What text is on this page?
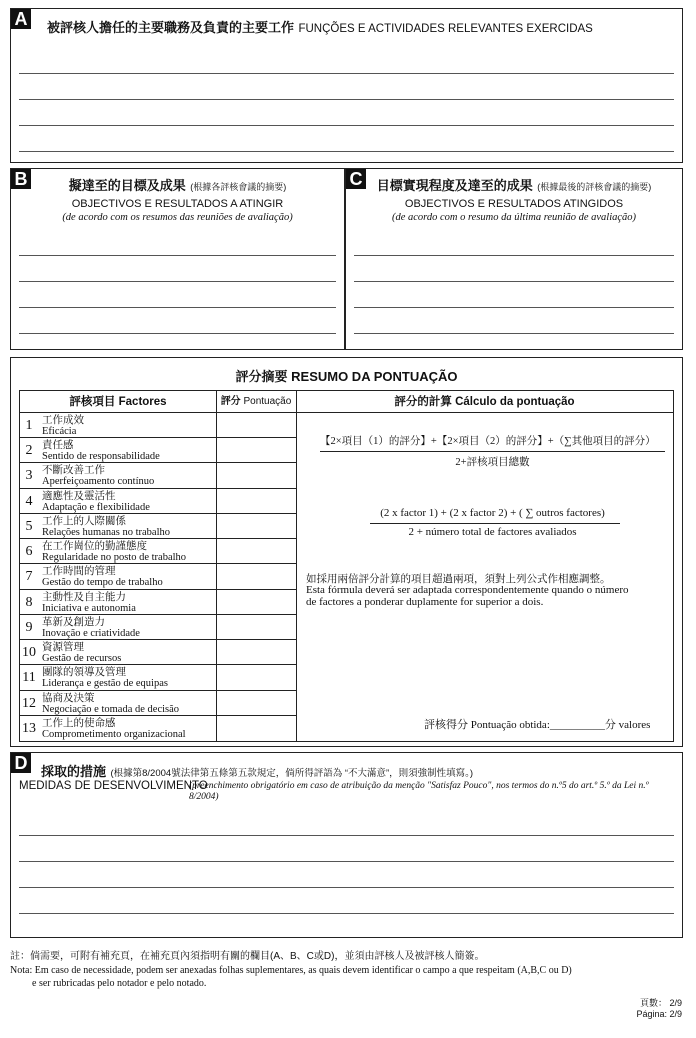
A 被評核人擔任的主要職務及負責的主要工作 FUNÇÕES E ACTIVIDADES RELEVANTES EXERCIDAS
B	擬達至的目標及成果 (根據各評核會議的摘要)
OBJECTIVOS E RESULTADOS A ATINGIR
(de acordo com os resumos das reuniões de avaliação)
C	目標實現程度及達至的成果 (根據最後的評核會議的摘要)
OBJECTIVOS E RESULTADOS ATINGIDOS
(de acordo com o resumo da última reunião de avaliação)
評分摘要 RESUMO DA PONTUAÇÃO
評核項目 Factores	評分 Pontuação	評分的計算 Cálculo da pontuação
1 工作成效
Eficácia
2 責任感
Sentido de responsabilidade
3 不斷改善工作
Aperfeiçoamento contínuo
4 適應性及靈活性
Adaptação e flexibilidade
5 工作上的人際關係
Relações humanas no trabalho
6 在工作崗位的勤謹態度
Regularidade no posto de trabalho
7 工作時間的管理
Gestão do tempo de trabalho
8 主動性及自主能力
Iniciativa e autonomia
9 革新及創造力
Inovação e criatividade
10 資源管理
Gestão de recursos
11 團隊的領導及管理
Liderança e gestão de equipas
12 協商及決策
Negociação e tomada de decisão
13 工作上的使命感
Comprometimento organizacional
【2×項目（1）的評分】+【2×項目（2）的評分】+（∑其他項目的評分）
2+評核項目總數
(2 x factor 1) + (2 x factor 2) + ( ∑ outros factores)
2 + número total de factores avaliados
如採用兩倍評分計算的項目超過兩項，須對上列公式作相應調整。
Esta fórmula deverá ser adaptada correspondentemente quando o número
de factores a ponderar duplamente for superior a dois.
評核得分 Pontuação obtida:__________分 valores
D 採取的措施 (根據第8/2004號法律第五條第五款規定，倘所得評語為 “不大滿意”，則須強制性填寫。)
MEDIDAS DE DESENVOLVIMENTO
(preenchimento obrigatório em caso de atribuição da menção "Satisfaz Pouco", nos termos do n.º5 do art.º 5.º da Lei n.º 8/2004)
註：倘需要，可附有補充頁，在補充頁內須指明有關的欄目(A、B、C或D)，並須由評核人及被評核人簡簽。
Nota: Em caso de necessidade, podem ser anexadas folhas suplementares, as quais devem identificar o campo a que respeitam (A,B,C ou D)
e ser rubricadas pelo notador e pelo notado.
頁數： 2/9
Página: 2/9
